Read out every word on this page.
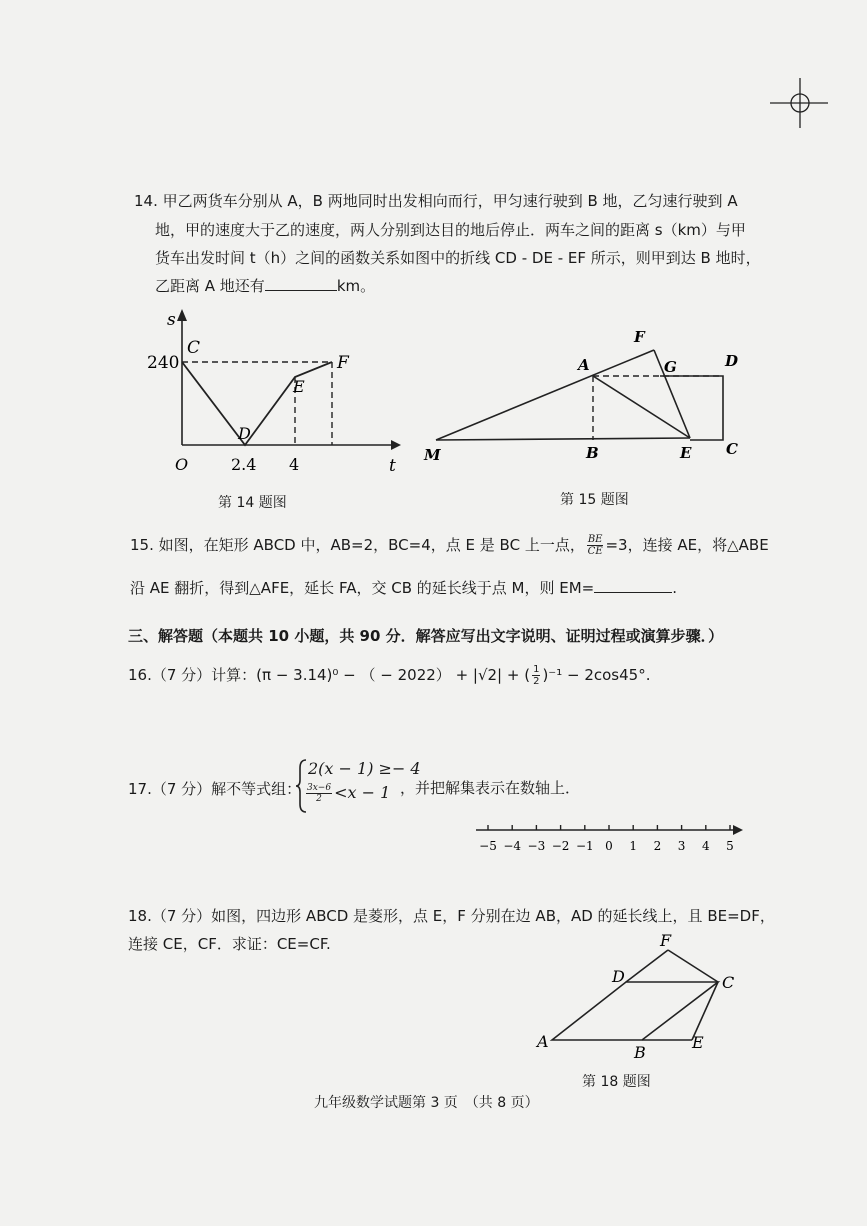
14. 甲乙两货车分别从 A，B 两地同时出发相向而行，甲匀速行驶到 B 地，乙匀速行驶到 A
地，甲的速度大于乙的速度，两人分别到达目的地后停止．两车之间的距离 s（km）与甲
货车出发时间 t（h）之间的函数关系如图中的折线 CD - DE - EF 所示，则甲到达 B 地时，
乙距离 A 地还有	km。
s
t
O
240
2.4 4
C
D
E
F
第 14 题图
F
A	G	D
M	B	E C
第 15 题图
15. 如图，在矩形 ABCD 中，AB=2，BC=4，点 E 是 BC 上一点， $\frac{BE}{CE} =3$，连接 AE，将△ABE
沿 AE 翻折，得到△AFE，延长 FA，交 CB 的延长线于点 M，则 EM=	.
三、解答题（本题共 10 小题，共 90 分．解答应写出文字说明、证明过程或演算步骤．）
16.（7 分）计算：(π − 3.14)⁰ − （ − 2022） + |√2| + ( $\frac{1}{2} )^{-1} - 2\cos 45^\circ$.
17.（7 分）解不等式组：
2(x − 1) ≥− 4
$\frac{3x-6}{2} <x - 1$ ，并把解集表示在数轴上．
−5 −4 −3 −2 −1 0 1 2 3 4 5
18.（7 分）如图，四边形 ABCD 是菱形，点 E，F 分别在边 AB，AD 的延长线上，且 BE=DF，
连接 CE，CF．求证：CE=CF.	F
D	C
A
B
E
第 18 题图
九年级数学试题第 3 页　（共 8 页）
